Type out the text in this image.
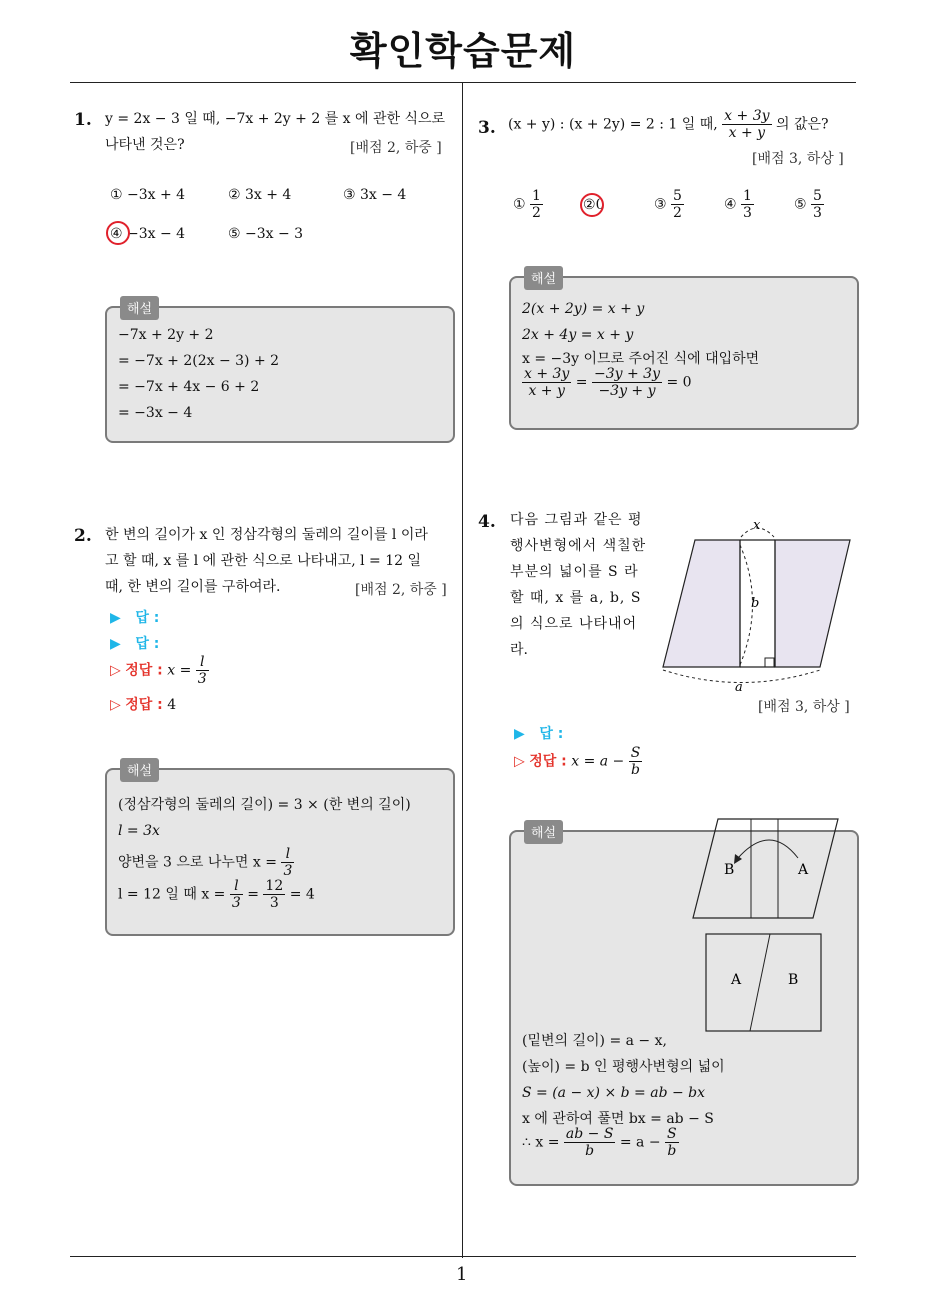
확인학습문제
1
1. y = 2x − 3 일 때, −7x + 2y + 2 를 x 에 관한 식으로
나타낸 것은?	[배점 2, 하중 ]
① −3x + 4	② 3x + 4	③ 3x − 4
④ −3x − 4	⑤ −3x − 3
해설
−7x + 2y + 2
= −7x + 2(2x − 3) + 2
= −7x + 4x − 6 + 2
= −3x − 4
2. 한 변의 길이가 x 인 정삼각형의 둘레의 길이를 l 이라
고 할 때, x 를 l 에 관한 식으로 나타내고, l = 12 일
때, 한 변의 길이를 구하여라.	[배점 2, 하중 ]
▶ 답 :
▶ 답 :
▷ 정답 : $x = \frac{l}{3}$
▷ 정답 : 4
해설
(정삼각형의 둘레의 길이) = 3 × (한 변의 길이)
l = 3x
양변을 3 으로 나누면 $x = \frac{l}{3}$
l = 12 일 때 $x = \frac{l}{3} = \frac{12}{3} = 4$
3. (x + y) : (x + 2y) = 2 : 1 일 때, $\frac{x + 3y}{x + y}$ 의 값은?
[배점 3, 하상 ]
① $\frac{1}{2}$	②0	③ $\frac{5}{2}$	④ $\frac{1}{3}$	⑤ $\frac{5}{3}$
해설
2(x + 2y) = x + y
2x + 4y = x + y
x = −3y 이므로 주어진 식에 대입하면
$\frac{x + 3y}{x + y} = \frac{-3y + 3y}{-3y + y} = 0$
4. 다음 그림과 같은 평
행사변형에서 색칠한
부분의 넓이를 S 라
할 때, x 를 a, b, S
의 식으로 나타내어
라.
x
b
a
[배점 3, 하상 ]
▶ 답 :
▷ 정답 : $x = a - \frac{S}{b}$
해설
B	A
A	B
(밑변의 길이) = a − x,
(높이) = b 인 평행사변형의 넓이
S = (a − x) × b = ab − bx
x 에 관하여 풀면 bx = ab − S
∴ $x = \frac{ab - S}{b} = a - \frac{S}{b}$
